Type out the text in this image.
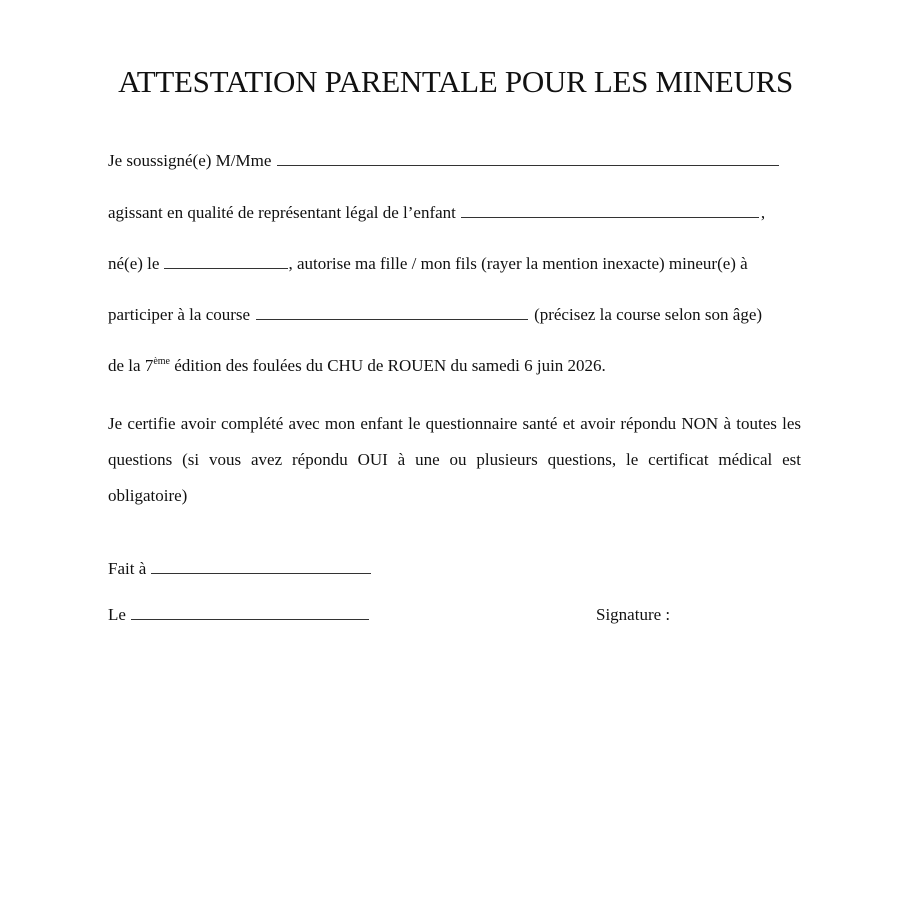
ATTESTATION PARENTALE POUR LES MINEURS
Je soussigné(e) M/Mme
agissant en qualité de représentant légal de l’enfant	,
né(e) le	, autorise ma fille / mon fils (rayer la mention inexacte) mineur(e) à
participer à la course	(précisez la course selon son âge)
de la 7ème édition des foulées du CHU de ROUEN du samedi 6 juin 2026.
Je certifie avoir complété avec mon enfant le questionnaire santé et avoir répondu NON à toutes les questions (si vous avez répondu OUI à une ou plusieurs questions, le certificat médical est obligatoire)
Fait à
Le	Signature :
